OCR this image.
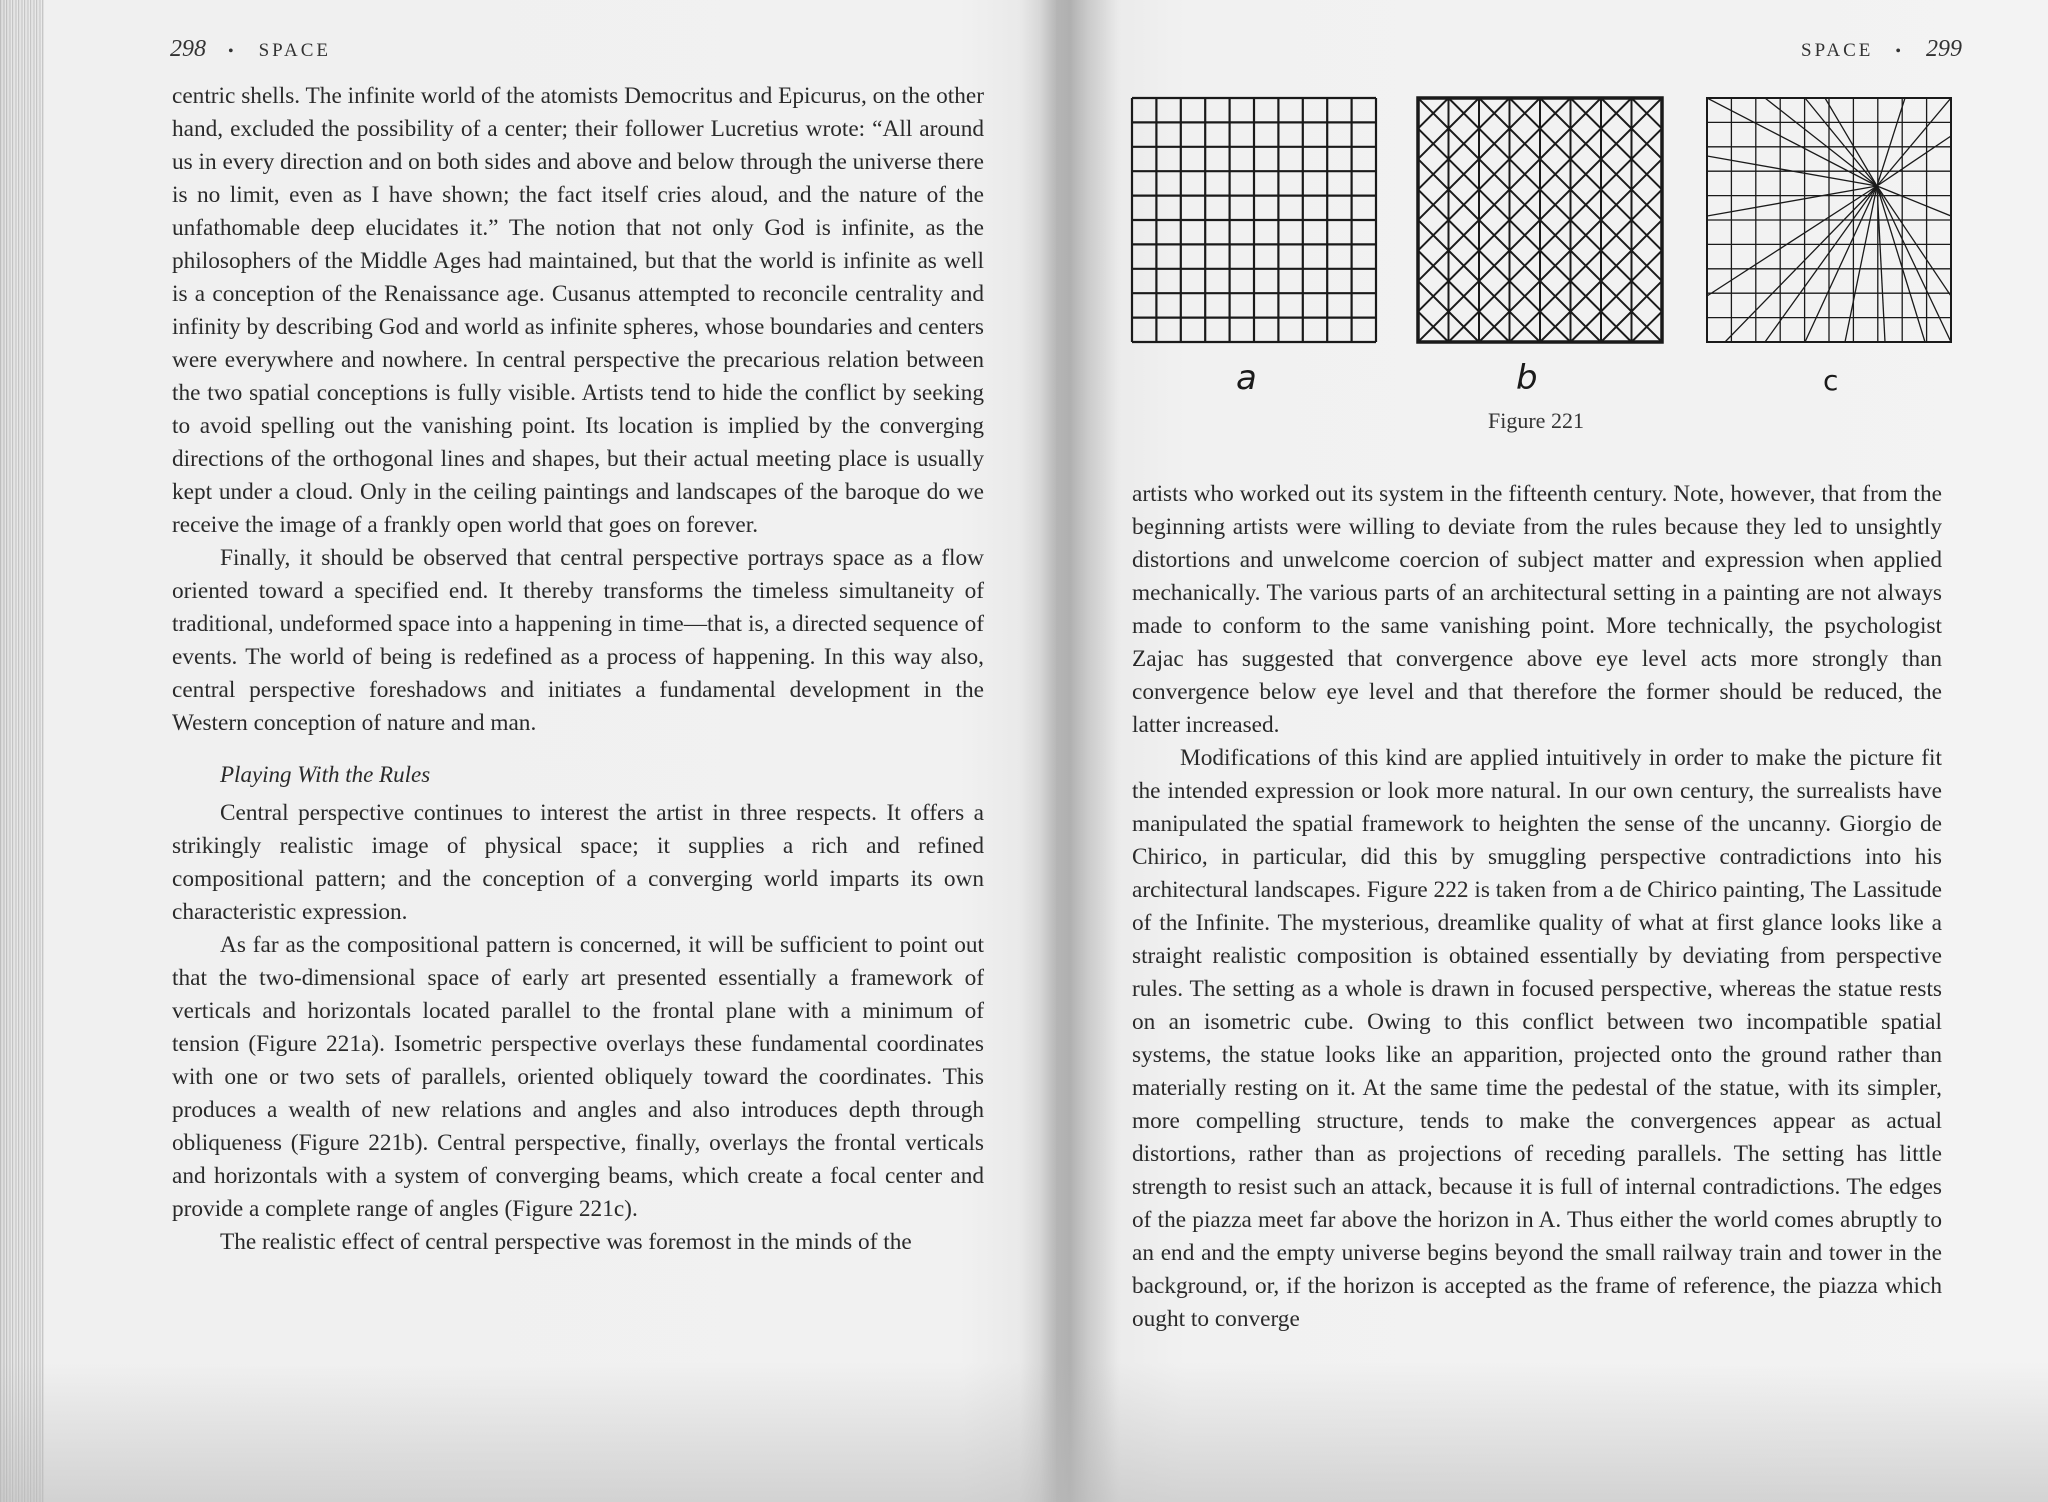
298 • SPACE	SPACE • 299

centric shells. The infinite world of the atomists Democritus and Epicurus, on the other hand, excluded the possibility of a center; their follower Lucretius wrote: “All around us in every direction and on both sides and above and below through the universe there is no limit, even as I have shown; the fact itself cries aloud, and the nature of the unfathomable deep elucidates it.” The notion that not only God is infinite, as the philosophers of the Middle Ages had maintained, but that the world is infinite as well is a conception of the Renaissance age. Cusanus attempted to reconcile centrality and infinity by describing God and world as infinite spheres, whose boundaries and centers were everywhere and nowhere. In central perspective the precarious relation between the two spatial conceptions is fully visible. Artists tend to hide the conflict by seeking to avoid spelling out the vanishing point. Its location is implied by the converging directions of the orthogonal lines and shapes, but their actual meeting place is usually kept under a cloud. Only in the ceiling paintings and landscapes of the baroque do we receive the image of a frankly open world that goes on forever.

Finally, it should be observed that central perspective portrays space as a flow oriented toward a specified end. It thereby transforms the timeless simultaneity of traditional, undeformed space into a happening in time—that is, a directed sequence of events. The world of being is redefined as a process of happening. In this way also, central perspective foreshadows and initiates a fundamental development in the Western conception of nature and man.

Playing With the Rules

Central perspective continues to interest the artist in three respects. It offers a strikingly realistic image of physical space; it supplies a rich and refined compositional pattern; and the conception of a converging world imparts its own characteristic expression.

As far as the compositional pattern is concerned, it will be sufficient to point out that the two-dimensional space of early art presented essentially a framework of verticals and horizontals located parallel to the frontal plane with a minimum of tension (Figure 221a). Isometric perspective overlays these fundamental coordinates with one or two sets of parallels, oriented obliquely toward the coordinates. This produces a wealth of new relations and angles and also introduces depth through obliqueness (Figure 221b). Central perspective, finally, overlays the frontal verticals and horizontals with a system of converging beams, which create a focal center and provide a complete range of angles (Figure 221c).

The realistic effect of central perspective was foremost in the minds of the

a	b	c
Figure 221

artists who worked out its system in the fifteenth century. Note, however, that from the beginning artists were willing to deviate from the rules because they led to unsightly distortions and unwelcome coercion of subject matter and expression when applied mechanically. The various parts of an architectural setting in a painting are not always made to conform to the same vanishing point. More technically, the psychologist Zajac has suggested that convergence above eye level acts more strongly than convergence below eye level and that therefore the former should be reduced, the latter increased.

Modifications of this kind are applied intuitively in order to make the picture fit the intended expression or look more natural. In our own century, the surrealists have manipulated the spatial framework to heighten the sense of the uncanny. Giorgio de Chirico, in particular, did this by smuggling perspective contradictions into his architectural landscapes. Figure 222 is taken from a de Chirico painting, The Lassitude of the Infinite. The mysterious, dreamlike quality of what at first glance looks like a straight realistic composition is obtained essentially by deviating from perspective rules. The setting as a whole is drawn in focused perspective, whereas the statue rests on an isometric cube. Owing to this conflict between two incompatible spatial systems, the statue looks like an apparition, projected onto the ground rather than materially resting on it. At the same time the pedestal of the statue, with its simpler, more compelling structure, tends to make the convergences appear as actual distortions, rather than as projections of receding parallels. The setting has little strength to resist such an attack, because it is full of internal contradictions. The edges of the piazza meet far above the horizon in A. Thus either the world comes abruptly to an end and the empty universe begins beyond the small railway train and tower in the background, or, if the horizon is accepted as the frame of reference, the piazza which ought to converge
